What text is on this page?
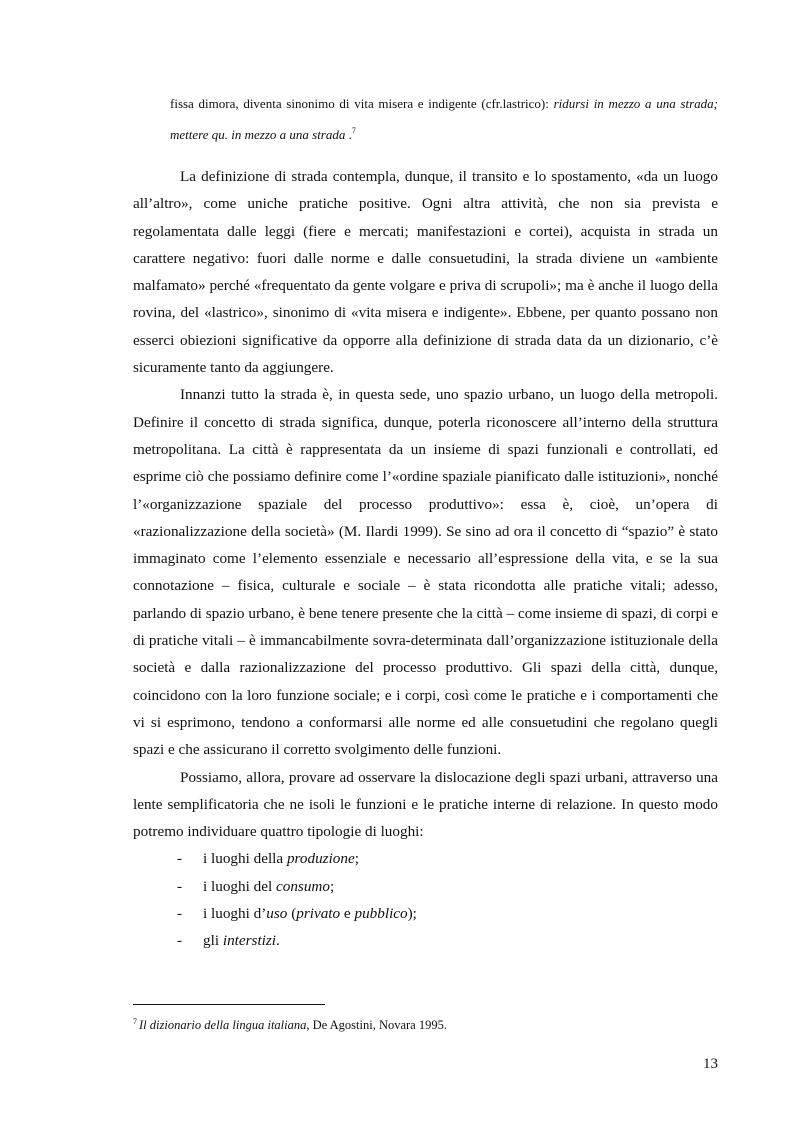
fissa dimora, diventa sinonimo di vita misera e indigente (cfr.lastrico): ridursi in mezzo a una strada; mettere qu. in mezzo a una strada .$^7$

La definizione di strada contempla, dunque, il transito e lo spostamento, «da un luogo all’altro», come uniche pratiche positive. Ogni altra attività, che non sia prevista e regolamentata dalle leggi (fiere e mercati; manifestazioni e cortei), acquista in strada un carattere negativo: fuori dalle norme e dalle consuetudini, la strada diviene un «ambiente malfamato» perché «frequentato da gente volgare e priva di scrupoli»; ma è anche il luogo della rovina, del «lastrico», sinonimo di «vita misera e indigente». Ebbene, per quanto possano non esserci obiezioni significative da opporre alla definizione di strada data da un dizionario, c’è sicuramente tanto da aggiungere.

Innanzi tutto la strada è, in questa sede, uno spazio urbano, un luogo della metropoli. Definire il concetto di strada significa, dunque, poterla riconoscere all’interno della struttura metropolitana. La città è rappresentata da un insieme di spazi funzionali e controllati, ed esprime ciò che possiamo definire come l’«ordine spaziale pianificato dalle istituzioni», nonché l’«organizzazione spaziale del processo produttivo»: essa è, cioè, un’opera di «razionalizzazione della società» (M. Ilardi 1999). Se sino ad ora il concetto di “spazio” è stato immaginato come l’elemento essenziale e necessario all’espressione della vita, e se la sua connotazione – fisica, culturale e sociale – è stata ricondotta alle pratiche vitali; adesso, parlando di spazio urbano, è bene tenere presente che la città – come insieme di spazi, di corpi e di pratiche vitali – è immancabilmente sovra-determinata dall’organizzazione istituzionale della società e dalla razionalizzazione del processo produttivo. Gli spazi della città, dunque, coincidono con la loro funzione sociale; e i corpi, così come le pratiche e i comportamenti che vi si esprimono, tendono a conformarsi alle norme ed alle consuetudini che regolano quegli spazi e che assicurano il corretto svolgimento delle funzioni.

Possiamo, allora, provare ad osservare la dislocazione degli spazi urbani, attraverso una lente semplificatoria che ne isoli le funzioni e le pratiche interne di relazione. In questo modo potremo individuare quattro tipologie di luoghi:

- i luoghi della produzione;
- i luoghi del consumo;
- i luoghi d’uso (privato e pubblico);
- gli interstizi.
$^7$ Il dizionario della lingua italiana, De Agostini, Novara 1995.
13
